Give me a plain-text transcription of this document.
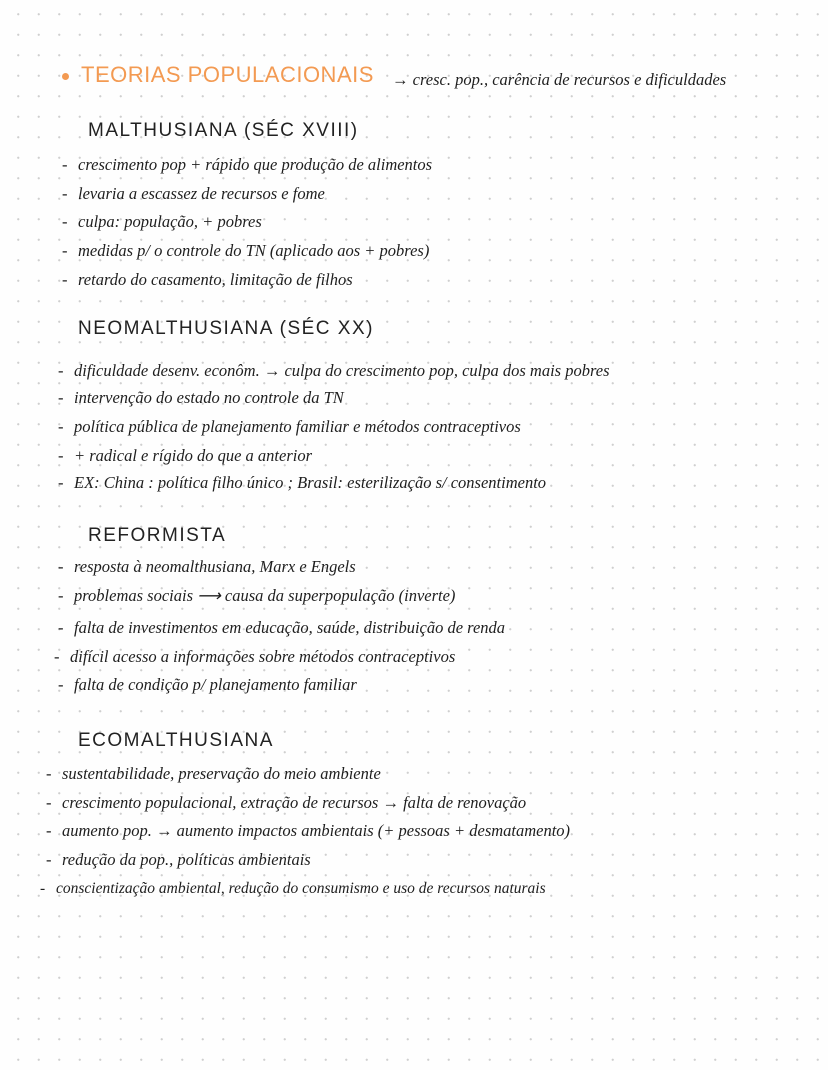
TEORIAS POPULACIONAIS → cresc. pop., carência de recursos e dificuldades
MALTHUSIANA (SÉC XVIII)
- crescimento pop + rápido que produção de alimentos
- levaria a escassez de recursos e fome
- culpa: população, + pobres
- medidas p/ o controle do TN (aplicado aos + pobres)
- retardo do casamento, limitação de filhos
NEOMALTHUSIANA (SÉC XX)
- dificuldade desenv. econôm. → culpa do crescimento pop, culpa dos mais pobres
- intervenção do estado no controle da TN
- política pública de planejamento familiar e métodos contraceptivos
- + radical e rígido do que a anterior
- EX: China : política filho único ; Brasil: esterilização s/ consentimento
REFORMISTA
- resposta à neomalthusiana, Marx e Engels
- problemas sociais ⟶ causa da superpopulação (inverte)
- falta de investimentos em educação, saúde, distribuição de renda
- difícil acesso a informações sobre métodos contraceptivos
- falta de condição p/ planejamento familiar
ECOMALTHUSIANA
- sustentabilidade, preservação do meio ambiente
- crescimento populacional, extração de recursos → falta de renovação
- aumento pop. → aumento impactos ambientais (+ pessoas + desmatamento)
- redução da pop., políticas ambientais
- conscientização ambiental, redução do consumismo e uso de recursos naturais
